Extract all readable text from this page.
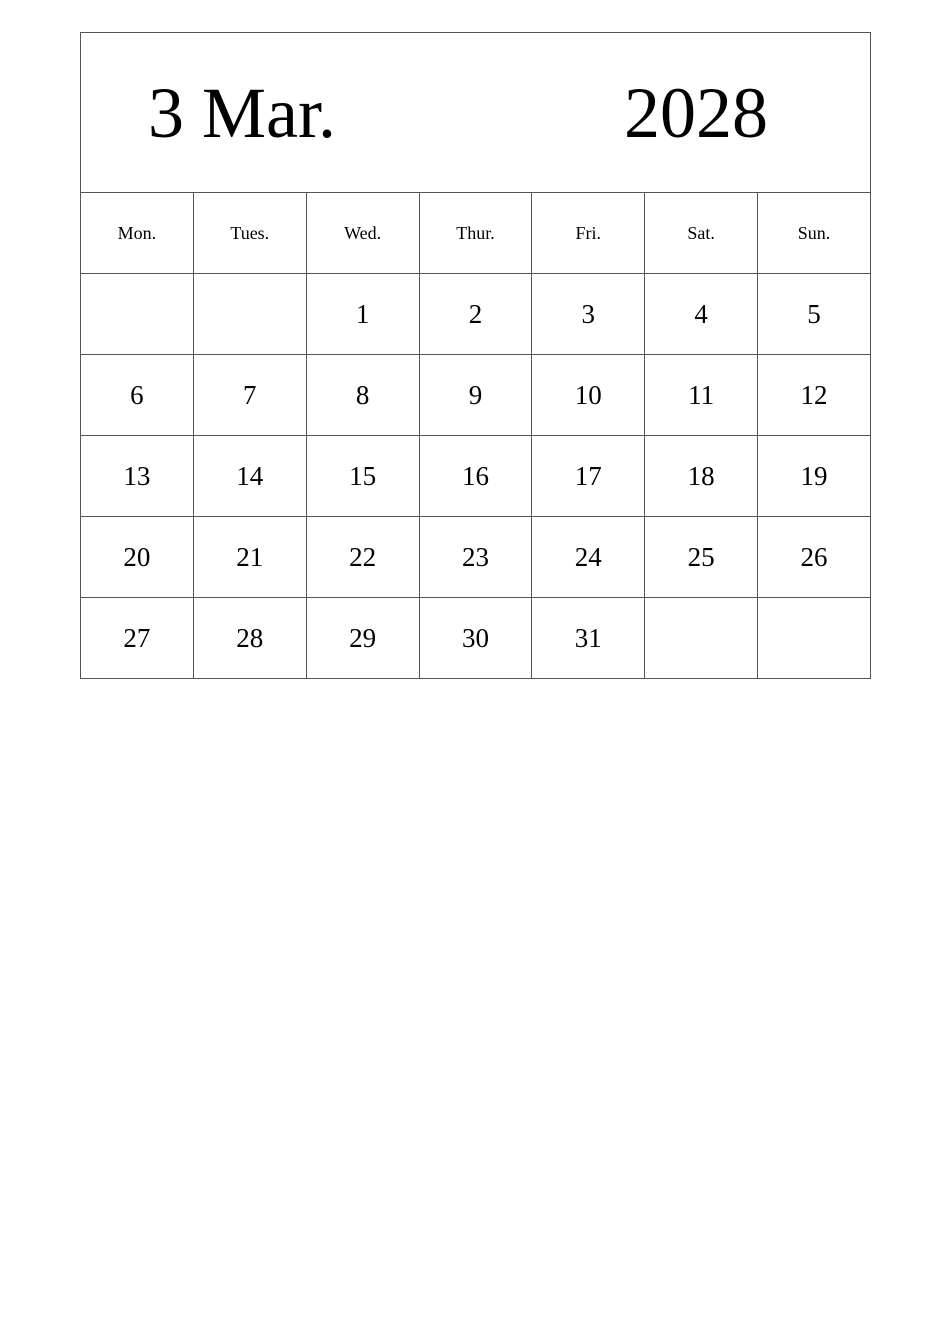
3 Mar. 2028						

Mon.	Tues.	Wed.	Thur.	Fri.	Sat.	Sun.
		1	2	3	4	5
6	7	8	9	10	11	12
13	14	15	16	17	18	19
20	21	22	23	24	25	26
27	28	29	30	31		
